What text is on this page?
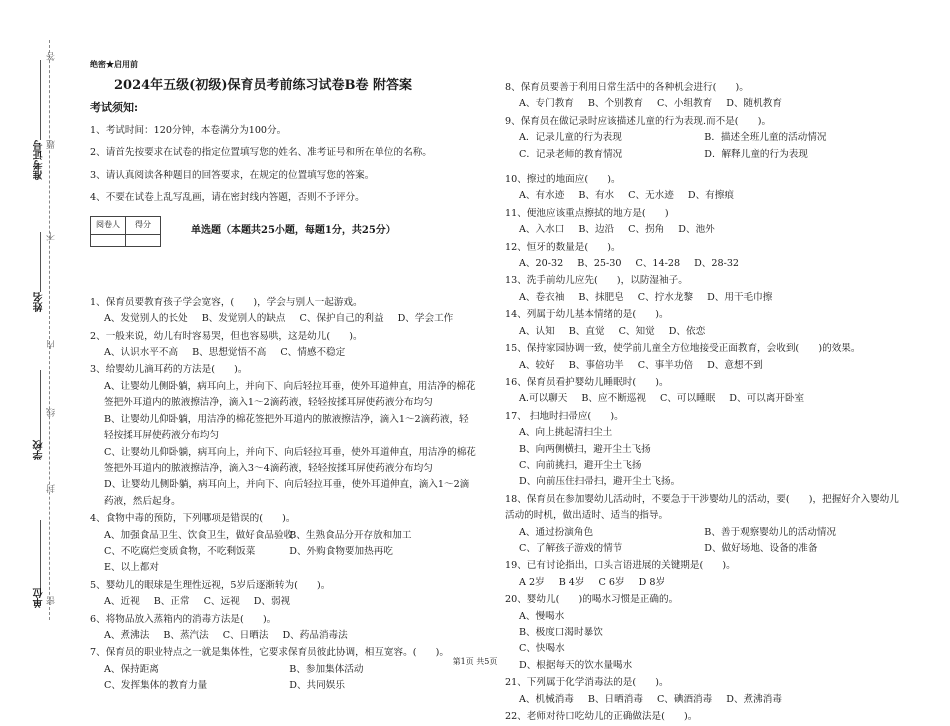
答
题
不
内
线
封
密
准考证号
姓名
学校
单位
绝密★启用前
2024年五级(初级)保育员考前练习试卷B卷 附答案
考试须知:
1、考试时间：120分钟，本卷满分为100分。
2、请首先按要求在试卷的指定位置填写您的姓名、准考证号和所在单位的名称。
3、请认真阅读各种题目的回答要求，在规定的位置填写您的答案。
4、不要在试卷上乱写乱画，请在密封线内答题，否则不予评分。
阅卷人	得分

单选题（本题共25小题，每题1分，共25分）
1、保育员要教育孩子学会宽容，(　　)，学会与别人一起游戏。
A、发觉别人的长处 B、发觉别人的缺点 C、保护自己的利益 D、学会工作
2、一般来说，幼儿有时容易哭，但也容易哄，这是幼儿(　　)。
A、认识水平不高 B、思想觉悟不高 C、情感不稳定
3、给婴幼儿滴耳药的方法是(　　)。
A、让婴幼儿侧卧躺，病耳向上，并向下、向后轻拉耳垂，使外耳道伸直，用洁净的棉花签把外耳道内的脓液擦洁净，滴入1～2滴药液，轻轻按揉耳屏使药液分布均匀
B、让婴幼儿仰卧躺，用洁净的棉花签把外耳道内的脓液擦洁净，滴入1～2滴药液，轻轻按揉耳屏使药液分布均匀
C、让婴幼儿仰卧躺，病耳向上，并向下、向后轻拉耳垂，使外耳道伸直，用洁净的棉花签把外耳道内的脓液擦洁净，滴入3～4滴药液，轻轻按揉耳屏使药液分布均匀
D、让婴幼儿侧卧躺，病耳向上，并向下、向后轻拉耳垂，使外耳道伸直，滴入1～2滴药液，然后起身。
4、食物中毒的预防，下列哪项是错误的(　　)。
A、加强食品卫生、饮食卫生，做好食品验收
B、生熟食品分开存放和加工
C、不吃腐烂变质食物，不吃剩饭菜	D、外购食物要加热再吃
E、以上都对
5、婴幼儿的眼球是生理性远视，5岁后逐渐转为(　　)。
A、近视 B、正常 C、远视 D、弱视
6、将物品放入蒸箱内的消毒方法是(　　)。
A、煮沸法 B、蒸汽法 C、日晒法 D、药品消毒法
7、保育员的职业特点之一就是集体性，它要求保育员彼此协调，相互宽容。(　　)。
A、保持距离	B、参加集体活动
C、发挥集体的教育力量	D、共同娱乐
8、保育员要善于利用日常生活中的各种机会进行(　　)。
A、专门教育 B、个别教育 C、小组教育 D、随机教育
9、保育员在做记录时应该描述儿童的行为表现.而不是(　　)。
A．记录儿童的行为表现	B．描述全班儿童的活动情况
C．记录老师的教育情况	D．解释儿童的行为表现
10、擦过的地面应(　　)。
A、有水迹 B、有水 C、无水迹 D、有擦痕
11、便池应该重点擦拭的地方是(　　)
A、入水口 B、边沿 C、拐角 D、池外
12、恒牙的数量是(　　)。
A、20-32 B、25-30 C、14-28 D、28-32
13、洗手前幼儿应先(　　)，以防湿袖子。
A、卷衣袖 B、抹肥皂 C、拧水龙黎 D、用干毛巾擦
14、列属于幼儿基本情绪的是(　　)。
A、认知 B、直觉 C、知觉 D、依恋
15、保持家园协调一致，使学前儿童全方位地接受正面教育，会收到(　　)的效果。
A、较好 B、事倍功半 C、事半功倍 D、意想不到
16、保育员看护婴幼儿睡眠时(　　)。
A.可以聊天 B、应不断巡视 C、可以睡眠 D、可以离开卧室
17、 扫地时扫帚应(　　)。
A、向上挑起清扫尘土
B、向两侧横扫，避开尘土飞扬
C、向前挑扫，避开尘土飞扬
D、向前压住扫帚扫，避开尘土飞扬。
18、保育员在参加婴幼儿活动时，不要急于干涉婴幼儿的活动，要(　　)，把握好介入婴幼儿活动的时机，做出适时、适当的指导。
A、通过扮演角色	B、善于观察婴幼儿的活动情况
C、了解孩子游戏的情节	D、做好场地、设备的准备
19、已有讨论指出，口头言语进展的关键期是(　　)。
A 2岁 B 4岁 C 6岁 D 8岁
20、婴幼儿(　　)的喝水习惯是正确的。
A、慢喝水
B、极度口渴时暴饮
C、快喝水
D、根据每天的饮水量喝水
21、下列属于化学消毒法的是(　　)。
A、机械消毒 B、日晒消毒 C、碘酒消毒 D、煮沸消毒
22、老师对待口吃幼儿的正确做法是(　　)。
第1页 共5页
